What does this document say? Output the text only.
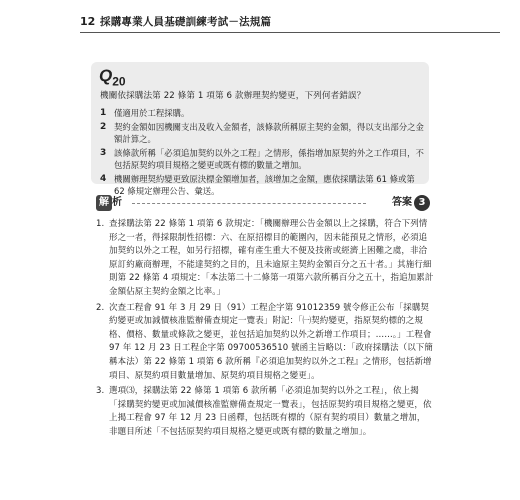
12 採購專業人員基礎訓練考試－法規篇
$Q_{20}$
機關依採購法第 22 條第 1 項第 6 款辦理契約變更，下列何者錯誤？
1 僅適用於工程採購。
2 契約金額如因機關支出及收入金額者，該條款所稱原主契約金額，得以支出部分之金額計算之。
3 該條款所稱「必須追加契約以外之工程」之情形，係指增加原契約外之工作項目，不包括原契約項目規格之變更或既有標的數量之增加。
4 機關辦理契約變更致原決標金額增加者，該增加之金額，應依採購法第 61 條或第 62 條規定辦理公告、彙送。
解 析	答案 3
1. 查採購法第 22 條第 1 項第 6 款規定：「機關辦理公告金額以上之採購，符合下列情形之一者，得採限制性招標：六、在原招標目的範圍內，因未能預見之情形，必須追加契約以外之工程，如另行招標，確有產生重大不便及技術或經濟上困難之虞，非洽原訂約廠商辦理，不能達契約之目的，且未逾原主契約金額百分之五十者。」其施行細則第 22 條第 4 項規定：「本法第二十二條第一項第六款所稱百分之五十，指追加累計金額佔原主契約金額之比率。」
2. 次查工程會 91 年 3 月 29 日（91）工程企字第 91012359 號令修正公布「採購契約變更或加減價核准監辦備查規定一覽表」附記：「㈠契約變更，指原契約標的之規格、價格、數量或條款之變更，並包括追加契約以外之新增工作項目；……。」工程會 97 年 12 月 23 日工程企字第 09700536510 號函主旨略以：「政府採購法（以下簡稱本法）第 22 條第 1 項第 6 款所稱『必須追加契約以外之工程』之情形，包括新增項目、原契約項目數量增加、原契約項目規格之變更」。
3. 選項⑶，採購法第 22 條第 1 項第 6 款所稱「必須追加契約以外之工程」，依上揭「採購契約變更或加減價核准監辦備查規定一覽表」，包括原契約項目規格之變更，依上揭工程會 97 年 12 月 23 日函釋，包括既有標的（原有契約項目）數量之增加，非題目所述「不包括原契約項目規格之變更或既有標的數量之增加」。
